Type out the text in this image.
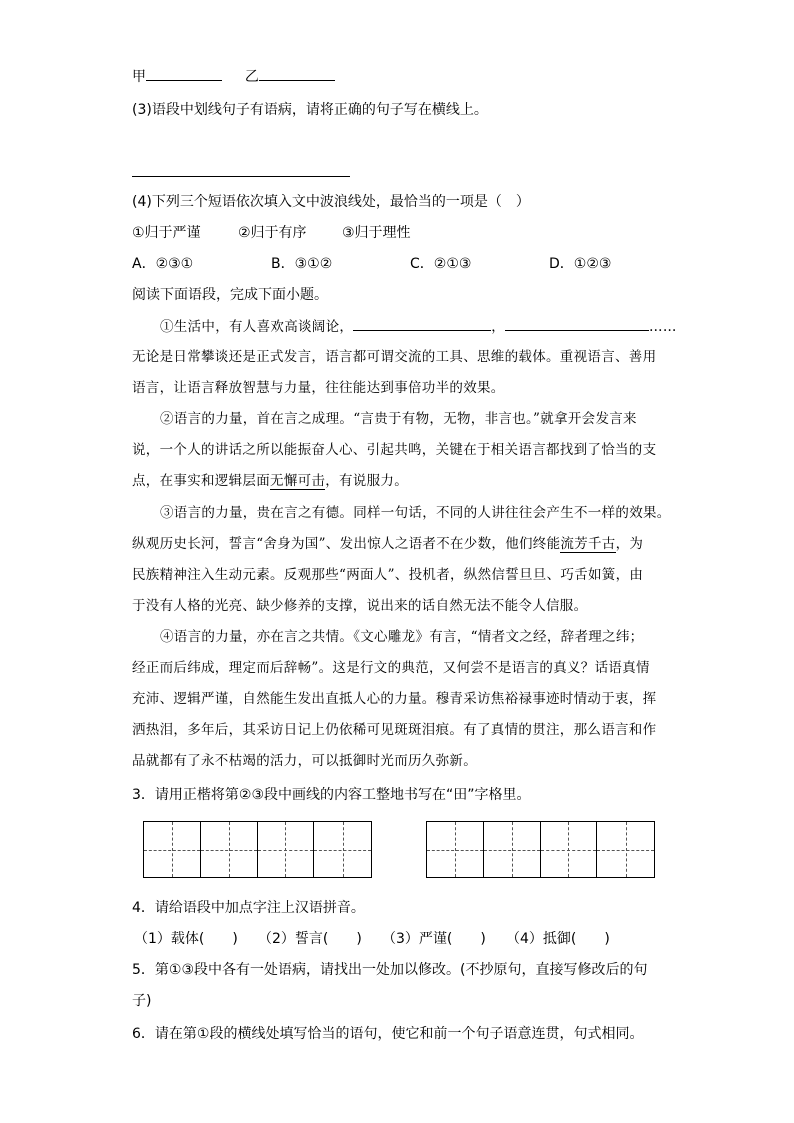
甲	乙
(3)语段中划线句子有语病，请将正确的句子写在横线上。
(4)下列三个短语依次填入文中波浪线处，最恰当的一项是（　）
①归于严谨	②归于有序	③归于理性
A．②③①	B．③①②	C．②①③	D．①②③
阅读下面语段，完成下面小题。
①生活中，有人喜欢高谈阔论，	，	……
无论是日常攀谈还是正式发言，语言都可谓交流的工具、思维的载体。重视语言、善用
语言，让语言释放智慧与力量，往往能达到事倍功半的效果。
②语言的力量，首在言之成理。“言贵于有物，无物，非言也。”就拿开会发言来
说，一个人的讲话之所以能振奋人心、引起共鸣，关键在于相关语言都找到了恰当的支
点，在事实和逻辑层面无懈可击，有说服力。
③语言的力量，贵在言之有德。同样一句话，不同的人讲往往会产生不一样的效果。
纵观历史长河，誓言“舍身为国”、发出惊人之语者不在少数，他们终能流芳千古，为
民族精神注入生动元素。反观那些“两面人”、投机者，纵然信誓旦旦、巧舌如簧，由
于没有人格的光亮、缺少修养的支撑，说出来的话自然无法不能令人信服。
④语言的力量，亦在言之共情。《文心雕龙》有言，“情者文之经，辞者理之纬；
经正而后纬成，理定而后辞畅”。这是行文的典范，又何尝不是语言的真义？话语真情
充沛、逻辑严谨，自然能生发出直抵人心的力量。穆青采访焦裕禄事迹时情动于衷，挥
洒热泪，多年后，其采访日记上仍依稀可见斑斑泪痕。有了真情的贯注，那么语言和作
品就都有了永不枯竭的活力，可以抵御时光而历久弥新。
3．请用正楷将第②③段中画线的内容工整地书写在“田”字格里。
4．请给语段中加点字注上汉语拼音。
（1）载体(　　) （2）誓言(　　) （3）严谨(　　) （4）抵御(　　)
5．第①③段中各有一处语病，请找出一处加以修改。(不抄原句，直接写修改后的句
子)
6．请在第①段的横线处填写恰当的语句，使它和前一个句子语意连贯，句式相同。
